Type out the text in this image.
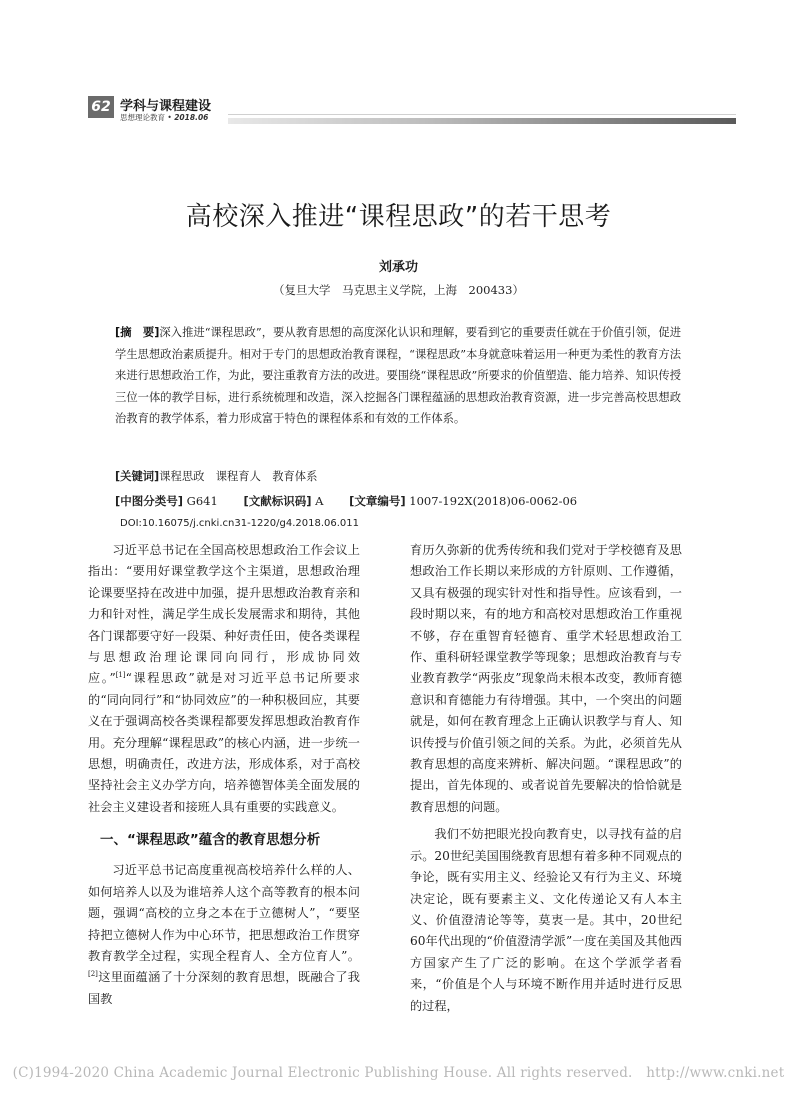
62 学科与课程建设
思想理论教育 • 2018.06
高校深入推进“课程思政”的若干思考
刘承功
（复旦大学　马克思主义学院，上海　200433）
[摘　要]深入推进“课程思政”，要从教育思想的高度深化认识和理解，要看到它的重要责任就在于价值引领，促进学生思想政治素质提升。相对于专门的思想政治教育课程，“课程思政”本身就意味着运用一种更为柔性的教育方法来进行思想政治工作，为此，要注重教育方法的改进。要围绕“课程思政”所要求的价值塑造、能力培养、知识传授三位一体的教学目标，进行系统梳理和改造，深入挖掘各门课程蕴涵的思想政治教育资源，进一步完善高校思想政治教育的教学体系，着力形成富于特色的课程体系和有效的工作体系。
[关键词]课程思政　课程育人　教育体系
[中图分类号] G641 [文献标识码] A [文章编号] 1007-192X(2018)06-0062-06
DOI:10.16075/j.cnki.cn31-1220/g4.2018.06.011

习近平总书记在全国高校思想政治工作会议上指出：“要用好课堂教学这个主渠道，思想政治理论课要坚持在改进中加强，提升思想政治教育亲和力和针对性，满足学生成长发展需求和期待，其他各门课都要守好一段渠、种好责任田，使各类课程与思想政治理论课同向同行，形成协同效应。”[1]“课程思政”就是对习近平总书记所要求的“同向同行”和“协同效应”的一种积极回应，其要义在于强调高校各类课程都要发挥思想政治教育作用。充分理解“课程思政”的核心内涵，进一步统一思想，明确责任，改进方法，形成体系，对于高校坚持社会主义办学方向，培养德智体美全面发展的社会主义建设者和接班人具有重要的实践意义。

一、“课程思政”蕴含的教育思想分析

习近平总书记高度重视高校培养什么样的人、如何培养人以及为谁培养人这个高等教育的根本问题，强调“高校的立身之本在于立德树人”，“要坚持把立德树人作为中心环节，把思想政治工作贯穿教育教学全过程，实现全程育人、全方位育人”。[2]这里面蕴涵了十分深刻的教育思想，既融合了我国教

育历久弥新的优秀传统和我们党对于学校德育及思想政治工作长期以来形成的方针原则、工作遵循，又具有极强的现实针对性和指导性。应该看到，一段时期以来，有的地方和高校对思想政治工作重视不够，存在重智育轻德育、重学术轻思想政治工作、重科研轻课堂教学等现象；思想政治教育与专业教育教学“两张皮”现象尚未根本改变，教师育德意识和育德能力有待增强。其中，一个突出的问题就是，如何在教育理念上正确认识教学与育人、知识传授与价值引领之间的关系。为此，必须首先从教育思想的高度来辨析、解决问题。“课程思政”的提出，首先体现的、或者说首先要解决的恰恰就是教育思想的问题。

我们不妨把眼光投向教育史，以寻找有益的启示。20世纪美国围绕教育思想有着多种不同观点的争论，既有实用主义、经验论又有行为主义、环境决定论，既有要素主义、文化传递论又有人本主义、价值澄清论等等，莫衷一是。其中，20世纪60年代出现的“价值澄清学派”一度在美国及其他西方国家产生了广泛的影响。在这个学派学者看来，“价值是个人与环境不断作用并适时进行反思的过程，

(C)1994-2020 China Academic Journal Electronic Publishing House. All rights reserved.　http://www.cnki.net
